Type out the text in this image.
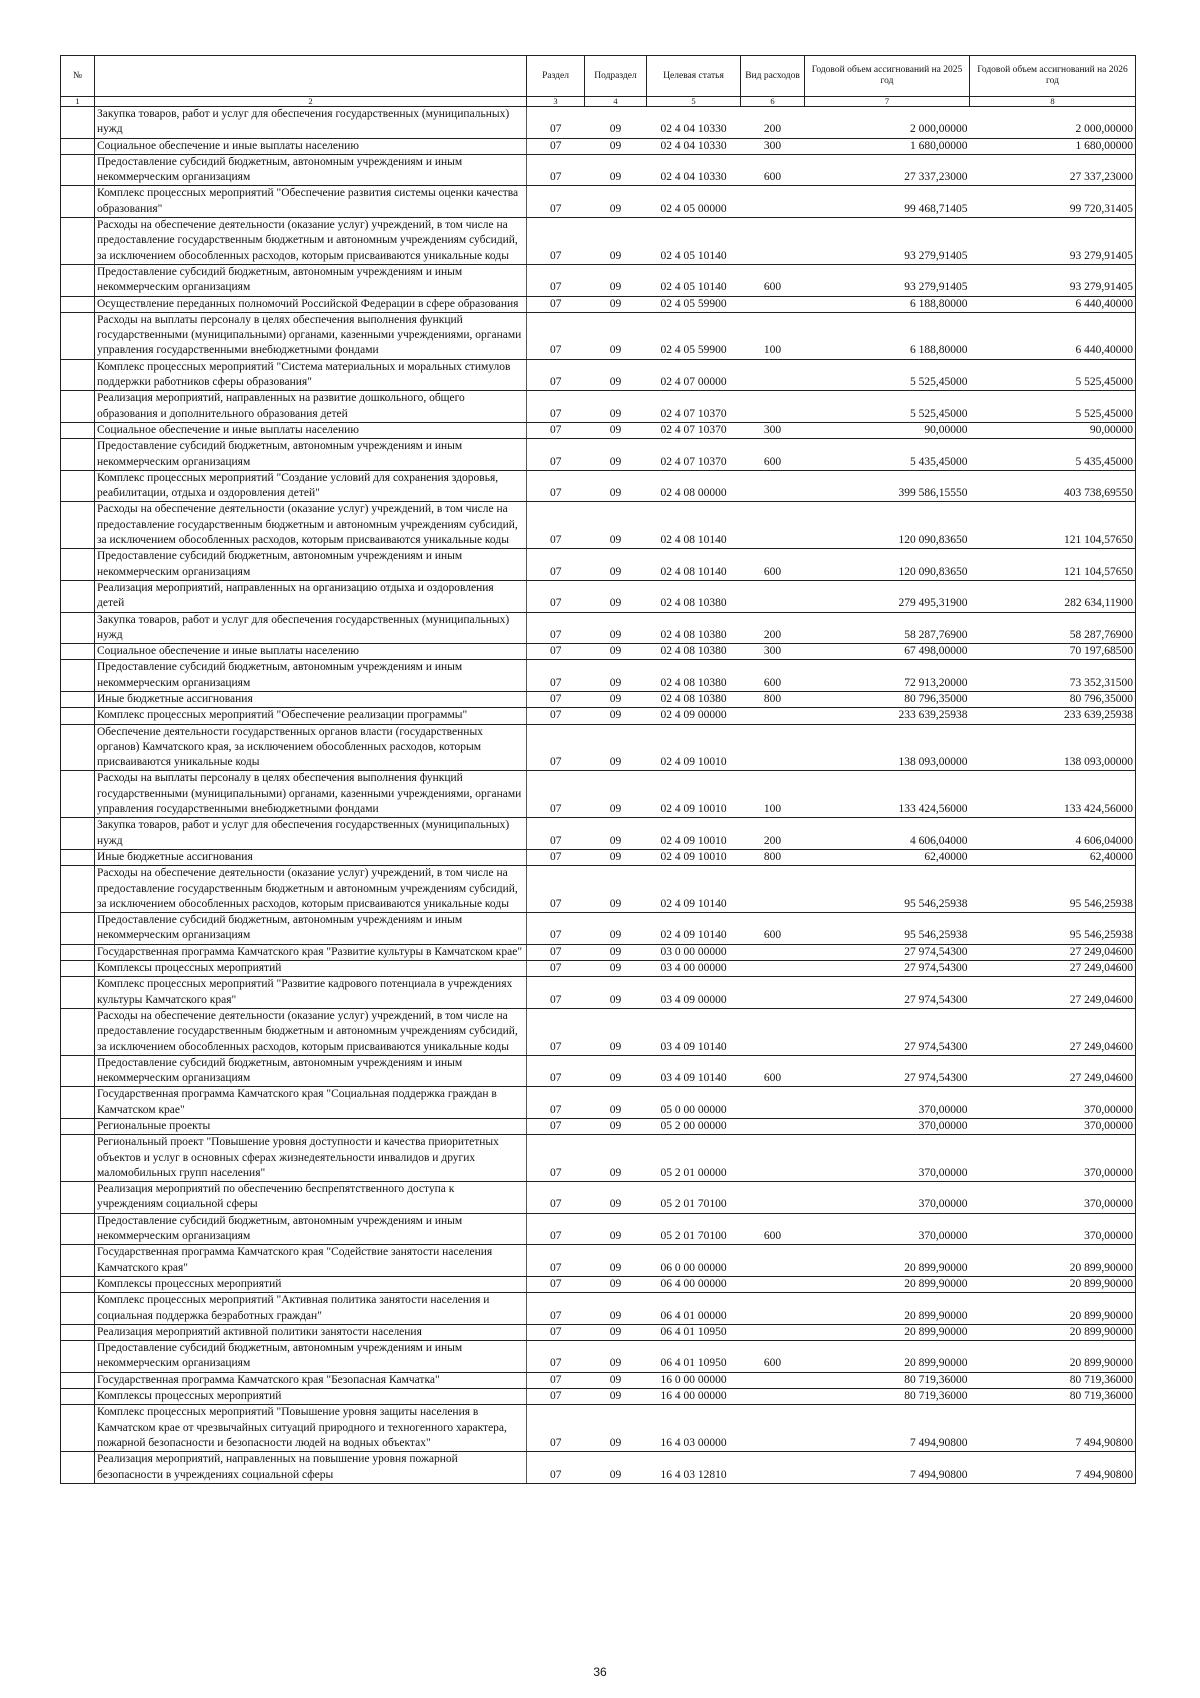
№		Раздел	Подраздел	Целевая статья	Вид расходов	Годовой объем ассигнований на 2025 год	Годовой объем ассигнований на 2026 год
1	2	3	4	5	6	7	8
	Закупка товаров, работ и услуг для обеспечения государственных (муниципальных) нужд	07	09	02 4 04 10330	200	2 000,00000	2 000,00000
	Социальное обеспечение и иные выплаты населению	07	09	02 4 04 10330	300	1 680,00000	1 680,00000
	Предоставление субсидий бюджетным, автономным учреждениям и иным некоммерческим организациям	07	09	02 4 04 10330	600	27 337,23000	27 337,23000
	Комплекс процессных мероприятий "Обеспечение развития системы оценки качества образования"	07	09	02 4 05 00000		99 468,71405	99 720,31405
	Расходы на обеспечение деятельности (оказание услуг) учреждений, в том числе на предоставление государственным бюджетным и автономным учреждениям субсидий, за исключением обособленных расходов, которым присваиваются уникальные коды	07	09	02 4 05 10140		93 279,91405	93 279,91405
	Предоставление субсидий бюджетным, автономным учреждениям и иным некоммерческим организациям	07	09	02 4 05 10140	600	93 279,91405	93 279,91405
	Осуществление переданных полномочий Российской Федерации в сфере образования	07	09	02 4 05 59900		6 188,80000	6 440,40000
	Расходы на выплаты персоналу в целях обеспечения выполнения функций государственными (муниципальными) органами, казенными учреждениями, органами управления государственными внебюджетными фондами	07	09	02 4 05 59900	100	6 188,80000	6 440,40000
	Комплекс процессных мероприятий "Система материальных и моральных стимулов поддержки работников сферы образования"	07	09	02 4 07 00000		5 525,45000	5 525,45000
	Реализация мероприятий, направленных на развитие дошкольного, общего образования и дополнительного образования детей	07	09	02 4 07 10370		5 525,45000	5 525,45000
	Социальное обеспечение и иные выплаты населению	07	09	02 4 07 10370	300	90,00000	90,00000
	Предоставление субсидий бюджетным, автономным учреждениям и иным некоммерческим организациям	07	09	02 4 07 10370	600	5 435,45000	5 435,45000
	Комплекс процессных мероприятий "Создание условий для сохранения здоровья, реабилитации, отдыха и оздоровления детей"	07	09	02 4 08 00000		399 586,15550	403 738,69550
	Расходы на обеспечение деятельности (оказание услуг) учреждений, в том числе на предоставление государственным бюджетным и автономным учреждениям субсидий, за исключением обособленных расходов, которым присваиваются уникальные коды	07	09	02 4 08 10140		120 090,83650	121 104,57650
	Предоставление субсидий бюджетным, автономным учреждениям и иным некоммерческим организациям	07	09	02 4 08 10140	600	120 090,83650	121 104,57650
	Реализация мероприятий, направленных на организацию отдыха и оздоровления детей	07	09	02 4 08 10380		279 495,31900	282 634,11900
	Закупка товаров, работ и услуг для обеспечения государственных (муниципальных) нужд	07	09	02 4 08 10380	200	58 287,76900	58 287,76900
	Социальное обеспечение и иные выплаты населению	07	09	02 4 08 10380	300	67 498,00000	70 197,68500
	Предоставление субсидий бюджетным, автономным учреждениям и иным некоммерческим организациям	07	09	02 4 08 10380	600	72 913,20000	73 352,31500
	Иные бюджетные ассигнования	07	09	02 4 08 10380	800	80 796,35000	80 796,35000
	Комплекс процессных мероприятий "Обеспечение реализации программы"	07	09	02 4 09 00000		233 639,25938	233 639,25938
	Обеспечение деятельности государственных органов власти (государственных органов) Камчатского края, за исключением обособленных расходов, которым присваиваются уникальные коды	07	09	02 4 09 10010		138 093,00000	138 093,00000
	Расходы на выплаты персоналу в целях обеспечения выполнения функций государственными (муниципальными) органами, казенными учреждениями, органами управления государственными внебюджетными фондами	07	09	02 4 09 10010	100	133 424,56000	133 424,56000
	Закупка товаров, работ и услуг для обеспечения государственных (муниципальных) нужд	07	09	02 4 09 10010	200	4 606,04000	4 606,04000
	Иные бюджетные ассигнования	07	09	02 4 09 10010	800	62,40000	62,40000
	Расходы на обеспечение деятельности (оказание услуг) учреждений, в том числе на предоставление государственным бюджетным и автономным учреждениям субсидий, за исключением обособленных расходов, которым присваиваются уникальные коды	07	09	02 4 09 10140		95 546,25938	95 546,25938
	Предоставление субсидий бюджетным, автономным учреждениям и иным некоммерческим организациям	07	09	02 4 09 10140	600	95 546,25938	95 546,25938
	Государственная программа Камчатского края "Развитие культуры в Камчатском крае"	07	09	03 0 00 00000		27 974,54300	27 249,04600
	Комплексы процессных мероприятий	07	09	03 4 00 00000		27 974,54300	27 249,04600
	Комплекс процессных мероприятий "Развитие кадрового потенциала в учреждениях культуры Камчатского края"	07	09	03 4 09 00000		27 974,54300	27 249,04600
	Расходы на обеспечение деятельности (оказание услуг) учреждений, в том числе на предоставление государственным бюджетным и автономным учреждениям субсидий, за исключением обособленных расходов, которым присваиваются уникальные коды	07	09	03 4 09 10140		27 974,54300	27 249,04600
	Предоставление субсидий бюджетным, автономным учреждениям и иным некоммерческим организациям	07	09	03 4 09 10140	600	27 974,54300	27 249,04600
	Государственная программа Камчатского края "Социальная поддержка граждан в Камчатском крае"	07	09	05 0 00 00000		370,00000	370,00000
	Региональные проекты	07	09	05 2 00 00000		370,00000	370,00000
	Региональный проект "Повышение уровня доступности и качества приоритетных объектов и услуг в основных сферах жизнедеятельности инвалидов и других маломобильных групп населения"	07	09	05 2 01 00000		370,00000	370,00000
	Реализация мероприятий по обеспечению беспрепятственного доступа к учреждениям социальной сферы	07	09	05 2 01 70100		370,00000	370,00000
	Предоставление субсидий бюджетным, автономным учреждениям и иным некоммерческим организациям	07	09	05 2 01 70100	600	370,00000	370,00000
	Государственная программа Камчатского края "Содействие занятости населения Камчатского края"	07	09	06 0 00 00000		20 899,90000	20 899,90000
	Комплексы процессных мероприятий	07	09	06 4 00 00000		20 899,90000	20 899,90000
	Комплекс процессных мероприятий "Активная политика занятости населения и социальная поддержка безработных граждан"	07	09	06 4 01 00000		20 899,90000	20 899,90000
	Реализация мероприятий активной политики занятости населения	07	09	06 4 01 10950		20 899,90000	20 899,90000
	Предоставление субсидий бюджетным, автономным учреждениям и иным некоммерческим организациям	07	09	06 4 01 10950	600	20 899,90000	20 899,90000
	Государственная программа Камчатского края "Безопасная Камчатка"	07	09	16 0 00 00000		80 719,36000	80 719,36000
	Комплексы процессных мероприятий	07	09	16 4 00 00000		80 719,36000	80 719,36000
	Комплекс процессных мероприятий "Повышение уровня защиты населения в Камчатском крае от чрезвычайных ситуаций природного и техногенного характера, пожарной безопасности и безопасности людей на водных объектах"	07	09	16 4 03 00000		7 494,90800	7 494,90800
	Реализация мероприятий, направленных на повышение уровня пожарной безопасности в учреждениях социальной сферы	07	09	16 4 03 12810		7 494,90800	7 494,90800
36
